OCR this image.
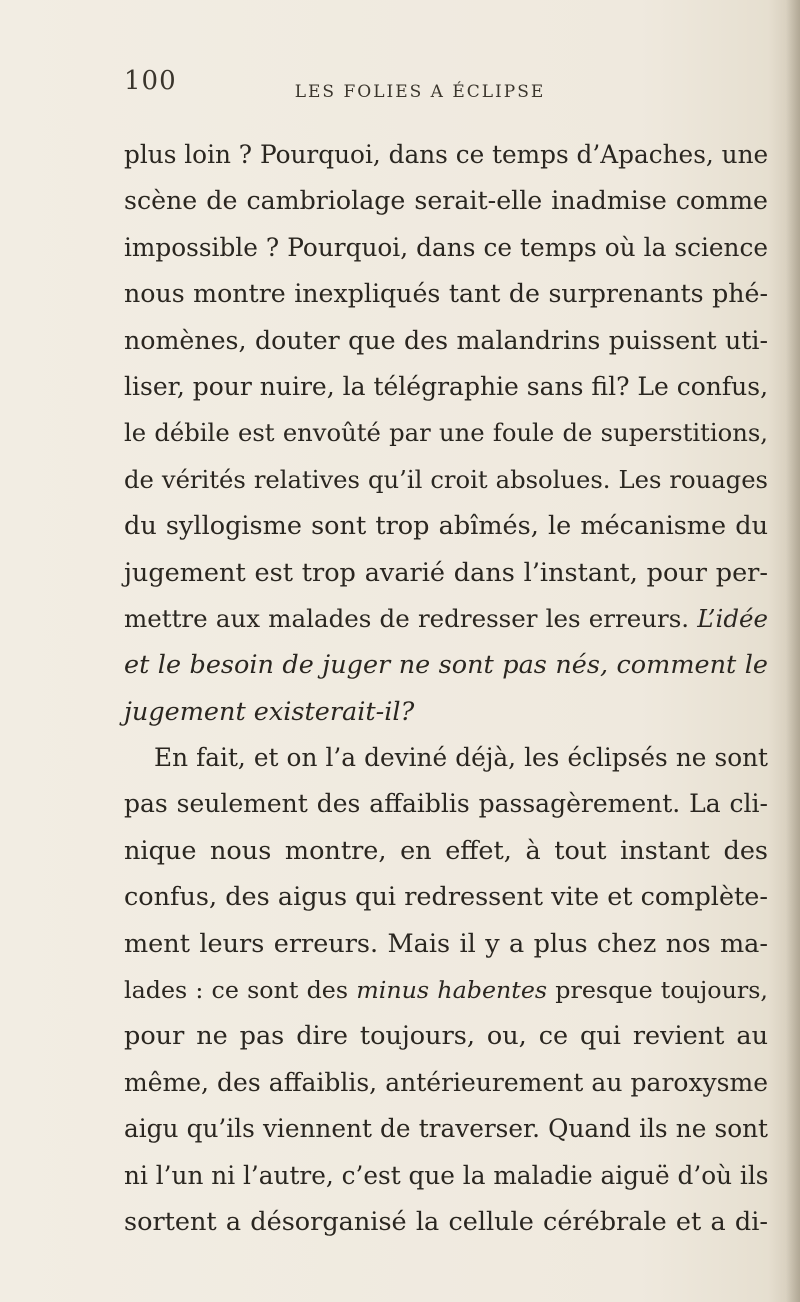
100	LES FOLIES A ÉCLIPSE
plus loin ? Pourquoi, dans ce temps d’Apaches, une
scène de cambriolage serait-elle inadmise comme
impossible ? Pourquoi, dans ce temps où la science
nous montre inexpliqués tant de surprenants phé-
nomènes, douter que des malandrins puissent uti-
liser, pour nuire, la télégraphie sans fil? Le confus,
le débile est envoûté par une foule de superstitions,
de vérités relatives qu’il croit absolues. Les rouages
du syllogisme sont trop abîmés, le mécanisme du
jugement est trop avarié dans l’instant, pour per-
mettre aux malades de redresser les erreurs. L’idée
et le besoin de juger ne sont pas nés, comment le
jugement existerait-il?
En fait, et on l’a deviné déjà, les éclipsés ne sont
pas seulement des affaiblis passagèrement. La cli-
nique nous montre, en effet, à tout instant des
confus, des aigus qui redressent vite et complète-
ment leurs erreurs. Mais il y a plus chez nos ma-
lades : ce sont des minus habentes presque toujours,
pour ne pas dire toujours, ou, ce qui revient au
même, des affaiblis, antérieurement au paroxysme
aigu qu’ils viennent de traverser. Quand ils ne sont
ni l’un ni l’autre, c’est que la maladie aiguë d’où ils
sortent a désorganisé la cellule cérébrale et a di-
